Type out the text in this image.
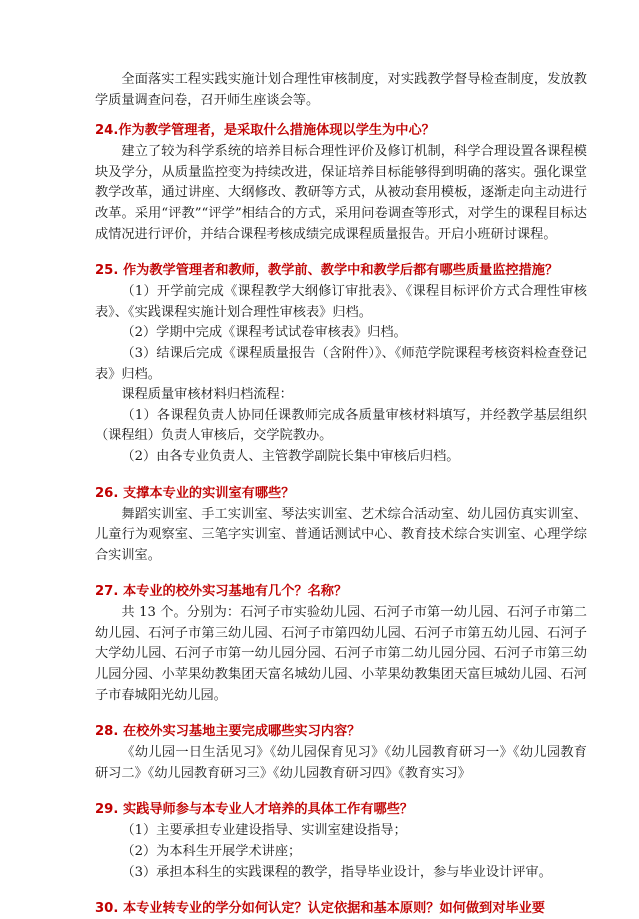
全面落实工程实践实施计划合理性审核制度，对实践教学督导检查制度，发放教学质量调查问卷，召开师生座谈会等。

24.作为教学管理者，是采取什么措施体现以学生为中心？

建立了较为科学系统的培养目标合理性评价及修订机制，科学合理设置各课程模块及学分，从质量监控变为持续改进，保证培养目标能够得到明确的落实。强化课堂教学改革，通过讲座、大纲修改、教研等方式，从被动套用模板，逐渐走向主动进行改革。采用“评教”“评学”相结合的方式，采用问卷调查等形式，对学生的课程目标达成情况进行评价，并结合课程考核成绩完成课程质量报告。开启小班研讨课程。

25. 作为教学管理者和教师，教学前、教学中和教学后都有哪些质量监控措施？

（1）开学前完成《课程教学大纲修订审批表》、《课程目标评价方式合理性审核表》、《实践课程实施计划合理性审核表》归档。

（2）学期中完成《课程考试试卷审核表》归档。

（3）结课后完成《课程质量报告（含附件）》、《师范学院课程考核资料检查登记表》归档。

课程质量审核材料归档流程：

（1）各课程负责人协同任课教师完成各质量审核材料填写，并经教学基层组织（课程组）负责人审核后，交学院教办。

（2）由各专业负责人、主管教学副院长集中审核后归档。

26. 支撑本专业的实训室有哪些？

舞蹈实训室、手工实训室、琴法实训室、艺术综合活动室、幼儿园仿真实训室、儿童行为观察室、三笔字实训室、普通话测试中心、教育技术综合实训室、心理学综合实训室。

27. 本专业的校外实习基地有几个？名称？

共 13 个。分别为：石河子市实验幼儿园、石河子市第一幼儿园、石河子市第二幼儿园、石河子市第三幼儿园、石河子市第四幼儿园、石河子市第五幼儿园、石河子大学幼儿园、石河子市第一幼儿园分园、石河子市第二幼儿园分园、石河子市第三幼儿园分园、小苹果幼教集团天富名城幼儿园、小苹果幼教集团天富巨城幼儿园、石河子市春城阳光幼儿园。

28. 在校外实习基地主要完成哪些实习内容？

《幼儿园一日生活见习》《幼儿园保育见习》《幼儿园教育研习一》《幼儿园教育研习二》《幼儿园教育研习三》《幼儿园教育研习四》《教育实习》

29. 实践导师参与本专业人才培养的具体工作有哪些？

（1）主要承担专业建设指导、实训室建设指导；

（2）为本科生开展学术讲座；

（3）承担本科生的实践课程的教学，指导毕业设计，参与毕业设计评审。

30. 本专业转专业的学分如何认定？认定依据和基本原则？如何做到对毕业要
